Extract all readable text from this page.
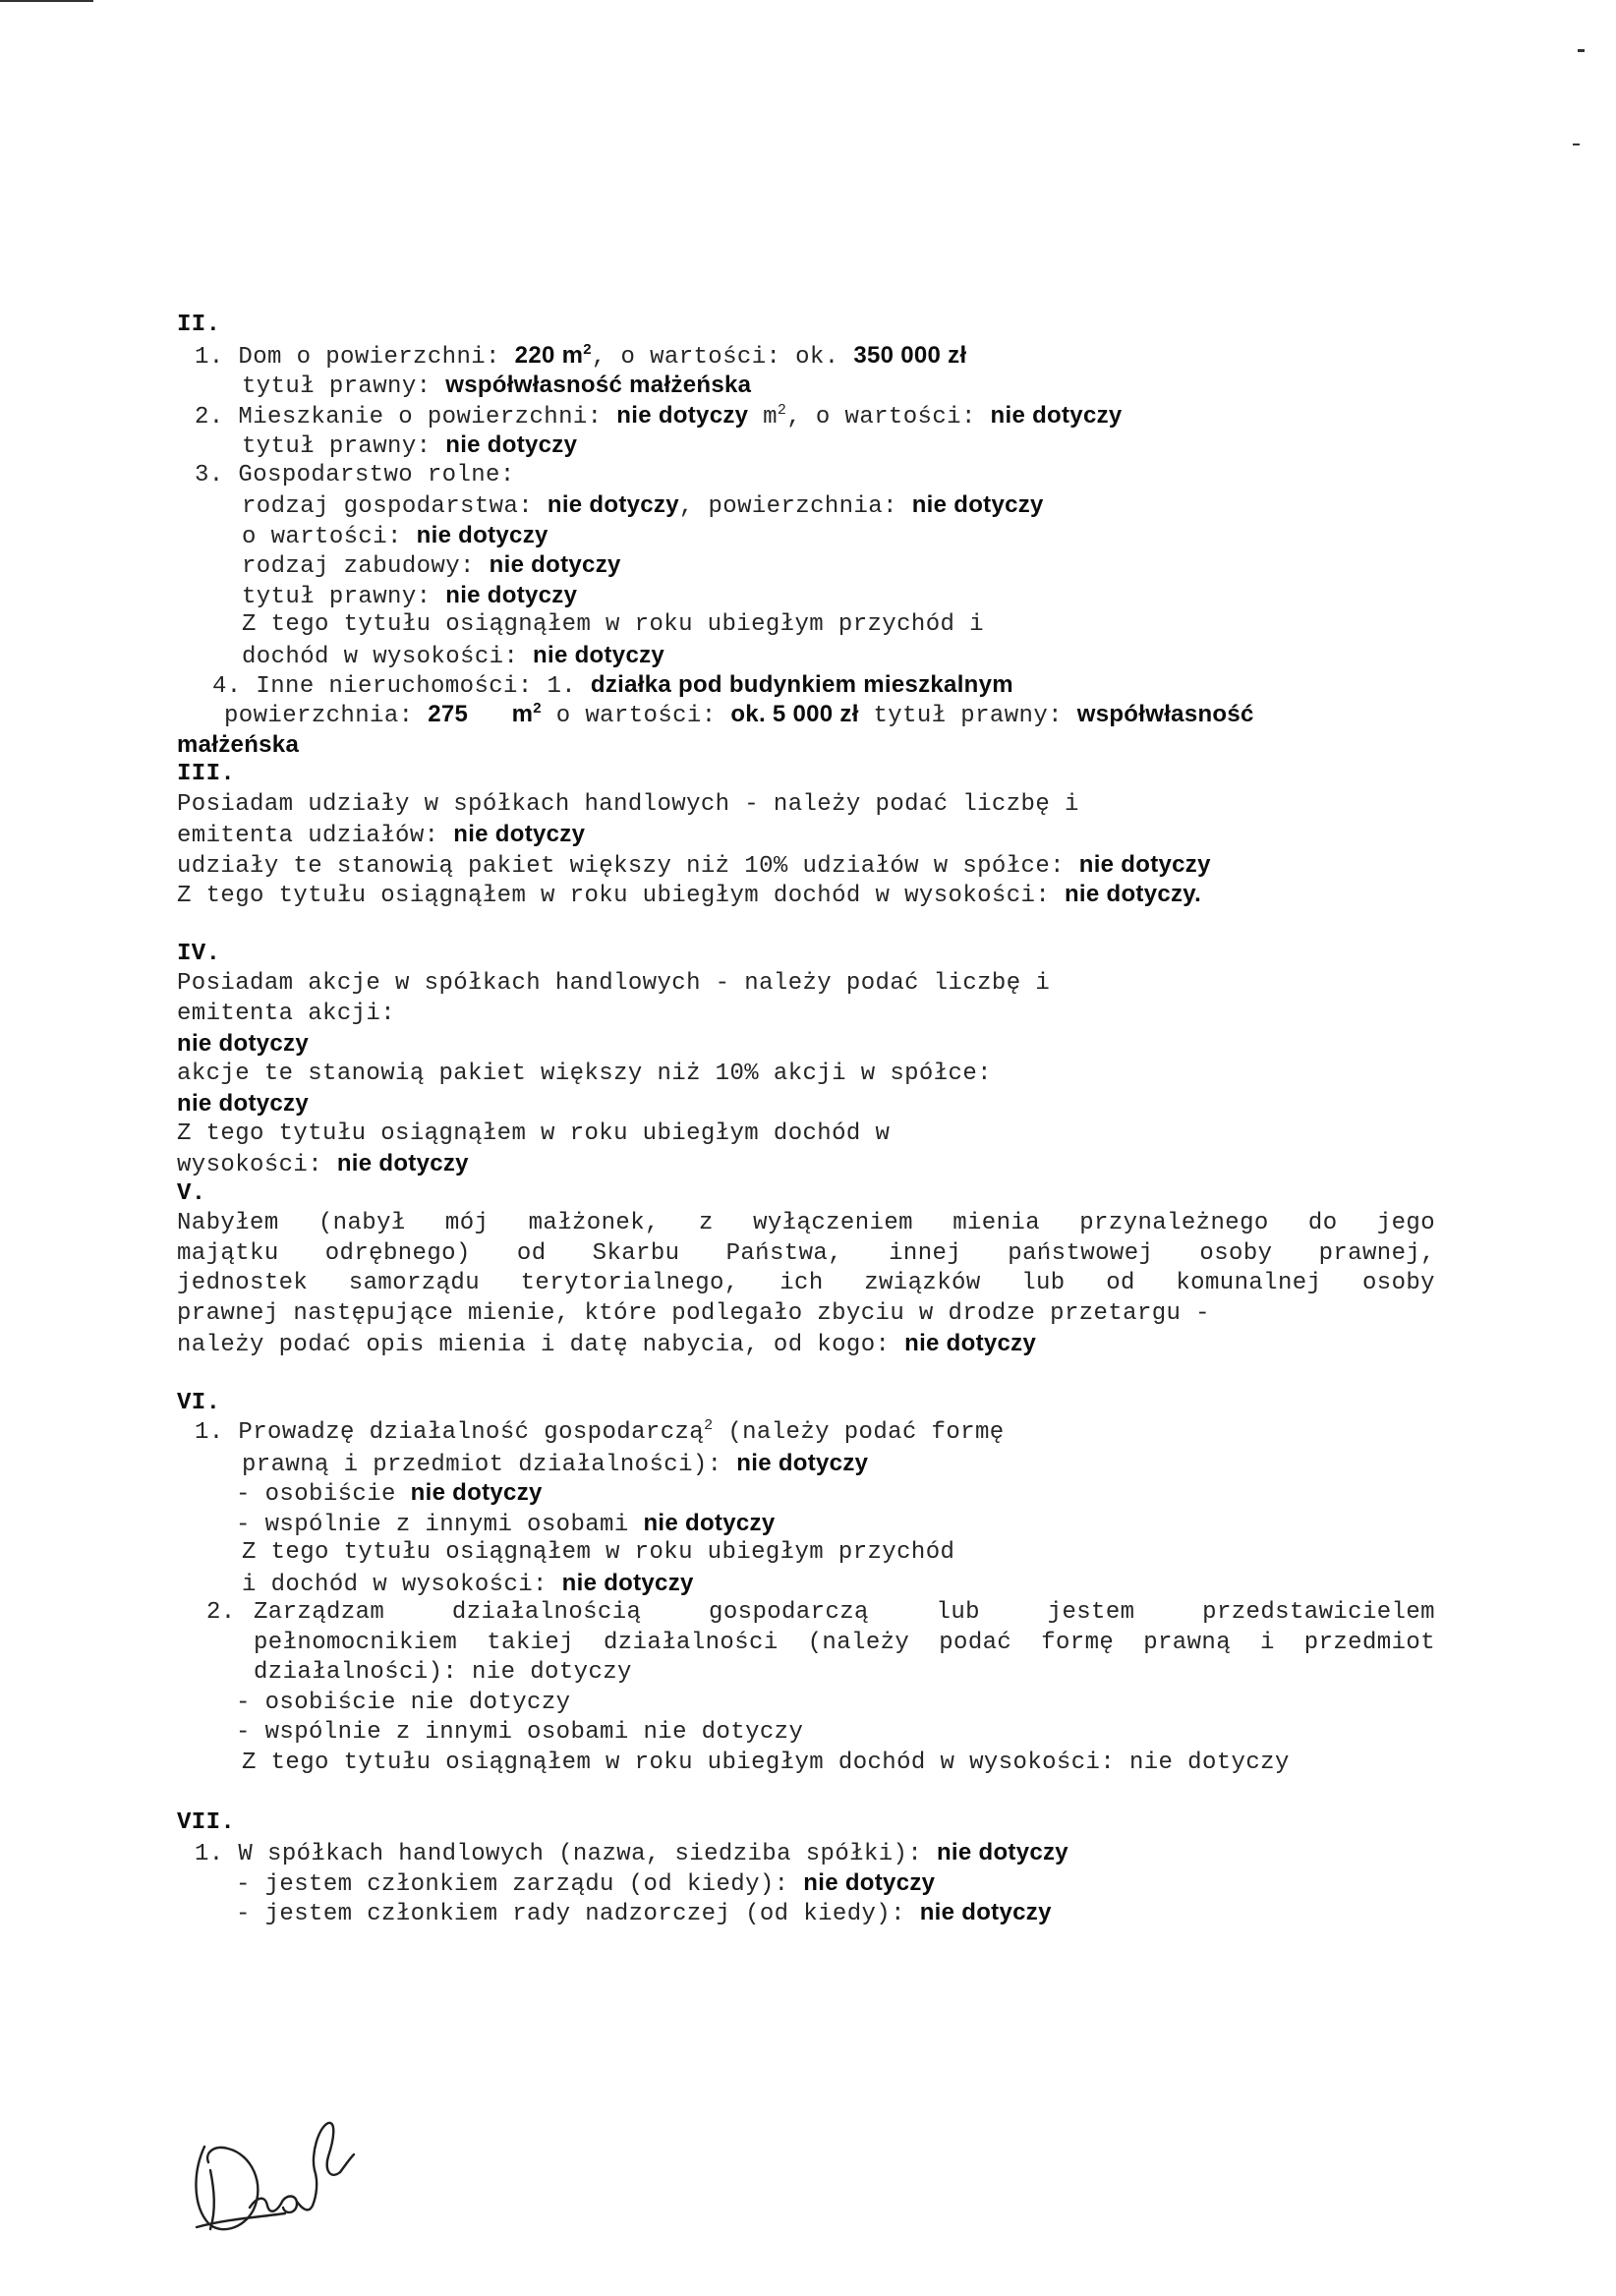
II.
1. Dom o powierzchni: 220 $m^2$, o wartości: ok. 350 000 zł
tytuł prawny: współwłasność małżeńska
2. Mieszkanie o powierzchni: nie dotyczy $m^2$, o wartości: nie dotyczy
tytuł prawny: nie dotyczy
3. Gospodarstwo rolne:
rodzaj gospodarstwa: nie dotyczy, powierzchnia: nie dotyczy
o wartości: nie dotyczy
rodzaj zabudowy: nie dotyczy
tytuł prawny: nie dotyczy
Z tego tytułu osiągnąłem w roku ubiegłym przychód i
dochód w wysokości: nie dotyczy
4. Inne nieruchomości: 1. działka pod budynkiem mieszkalnym
powierzchnia: 275 $m^2$ o wartości: ok. 5 000 zł tytuł prawny: współwłasność
małżeńska
III.
Posiadam udziały w spółkach handlowych - należy podać liczbę i
emitenta udziałów: nie dotyczy
udziały te stanowią pakiet większy niż 10% udziałów w spółce: nie dotyczy
Z tego tytułu osiągnąłem w roku ubiegłym dochód w wysokości: nie dotyczy.
IV.
Posiadam akcje w spółkach handlowych - należy podać liczbę i
emitenta akcji:
nie dotyczy
akcje te stanowią pakiet większy niż 10% akcji w spółce:
nie dotyczy
Z tego tytułu osiągnąłem w roku ubiegłym dochód w
wysokości: nie dotyczy
V.
Nabyłem (nabył mój małżonek, z wyłączeniem mienia przynależnego do jego
majątku odrębnego) od Skarbu Państwa, innej państwowej osoby prawnej,
jednostek samorządu terytorialnego, ich związków lub od komunalnej osoby
prawnej następujące mienie, które podlegało zbyciu w drodze przetargu -
należy podać opis mienia i datę nabycia, od kogo: nie dotyczy
VI.
1. Prowadzę działalność gospodarczą$^2$ (należy podać formę
prawną i przedmiot działalności): nie dotyczy
- osobiście nie dotyczy
- wspólnie z innymi osobami nie dotyczy
Z tego tytułu osiągnąłem w roku ubiegłym przychód
i dochód w wysokości: nie dotyczy
2. Zarządzam działalnością gospodarczą lub jestem przedstawicielem
pełnomocnikiem takiej działalności (należy podać formę prawną i przedmiot
działalności): nie dotyczy
- osobiście nie dotyczy
- wspólnie z innymi osobami nie dotyczy
Z tego tytułu osiągnąłem w roku ubiegłym dochód w wysokości: nie dotyczy
VII.
1. W spółkach handlowych (nazwa, siedziba spółki): nie dotyczy
- jestem członkiem zarządu (od kiedy): nie dotyczy
- jestem członkiem rady nadzorczej (od kiedy): nie dotyczy
